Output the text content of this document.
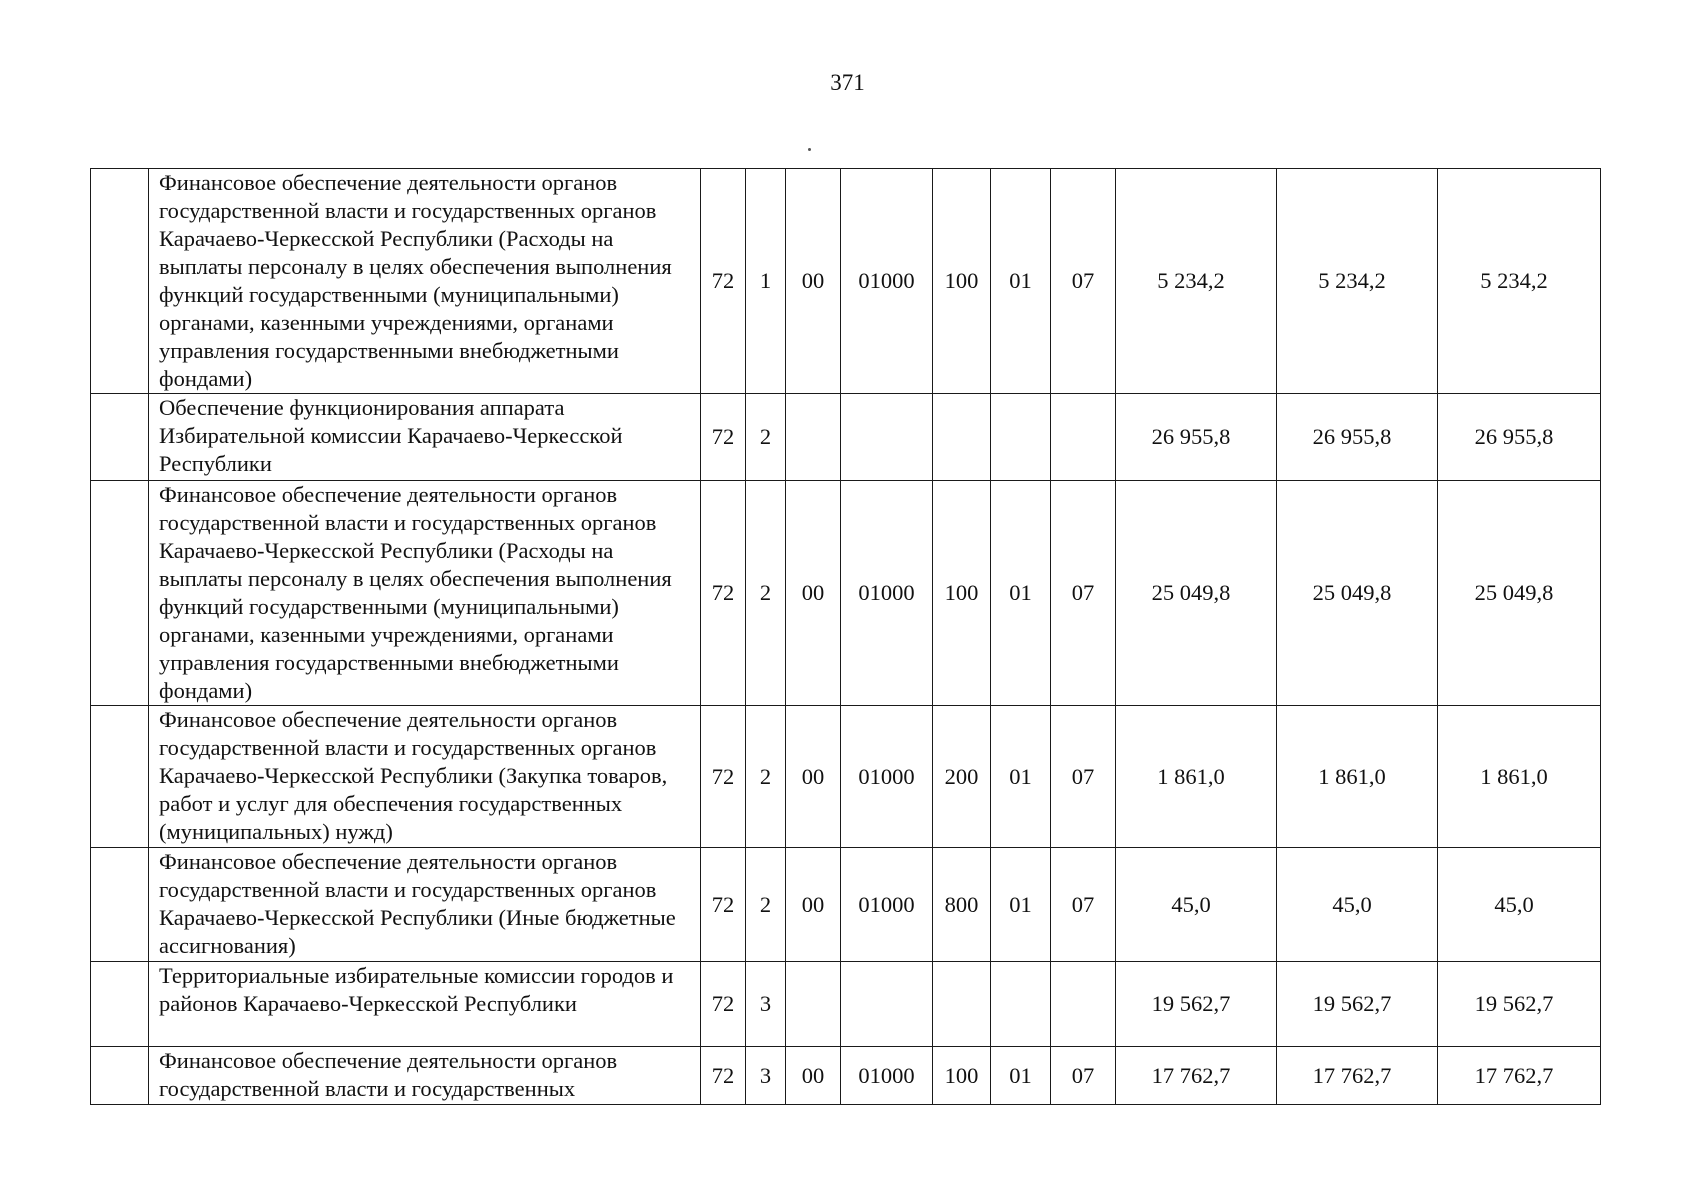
371
	Финансовое обеспечение деятельности органов государственной власти и государственных органов Карачаево-Черкесской Республики (Расходы на выплаты персоналу в целях обеспечения выполнения функций государственными (муниципальными) органами, казенными учреждениями, органами управления государственными внебюджетными фондами)	72	1	00	01000	100	01	07	5 234,2	5 234,2	5 234,2
	Обеспечение функционирования аппарата Избирательной комиссии Карачаево-Черкесской Республики	72	2						26 955,8	26 955,8	26 955,8
	Финансовое обеспечение деятельности органов государственной власти и государственных органов Карачаево-Черкесской Республики (Расходы на выплаты персоналу в целях обеспечения выполнения функций государственными (муниципальными) органами, казенными учреждениями, органами управления государственными внебюджетными фондами)	72	2	00	01000	100	01	07	25 049,8	25 049,8	25 049,8
	Финансовое обеспечение деятельности органов государственной власти и государственных органов Карачаево-Черкесской Республики (Закупка товаров, работ и услуг для обеспечения государственных (муниципальных) нужд)	72	2	00	01000	200	01	07	1 861,0	1 861,0	1 861,0
	Финансовое обеспечение деятельности органов государственной власти и государственных органов Карачаево-Черкесской Республики (Иные бюджетные ассигнования)	72	2	00	01000	800	01	07	45,0	45,0	45,0
	Территориальные избирательные комиссии городов и районов Карачаево-Черкесской Республики	72	3						19 562,7	19 562,7	19 562,7
	Финансовое обеспечение деятельности органов государственной власти и государственных	72	3	00	01000	100	01	07	17 762,7	17 762,7	17 762,7
